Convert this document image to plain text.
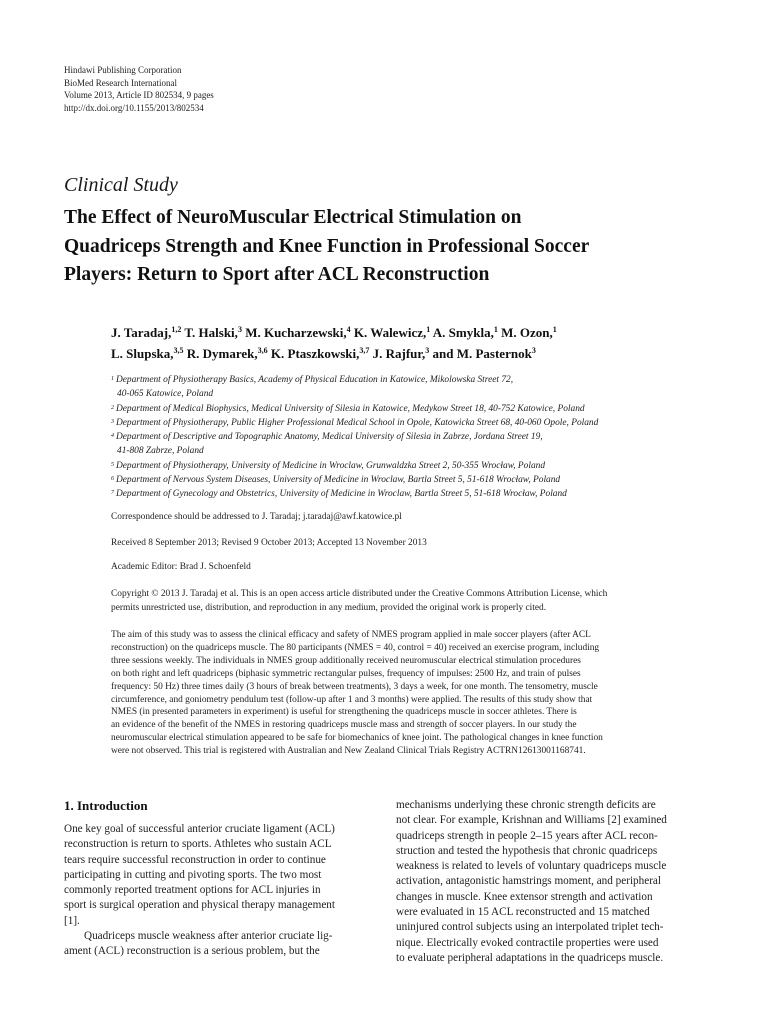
Hindawi Publishing Corporation
BioMed Research International
Volume 2013, Article ID 802534, 9 pages
http://dx.doi.org/10.1155/2013/802534
Clinical Study
The Effect of NeuroMuscular Electrical Stimulation on
Quadriceps Strength and Knee Function in Professional Soccer
Players: Return to Sport after ACL Reconstruction
J. Taradaj,$^{1,2}$ T. Halski,$^3$ M. Kucharzewski,$^4$ K. Walewicz,$^1$ A. Smykla,$^1$ M. Ozon,$^1$
L. Slupska,$^{3,5}$ R. Dymarek,$^{3,6}$ K. Ptaszkowski,$^{3,7}$ J. Rajfur,$^3$ and M. Pasternok$^3$
$^1$ Department of Physiotherapy Basics, Academy of Physical Education in Katowice, Mikolowska Street 72,
40-065 Katowice, Poland
$^2$ Department of Medical Biophysics, Medical University of Silesia in Katowice, Medykow Street 18, 40-752 Katowice, Poland
$^3$ Department of Physiotherapy, Public Higher Professional Medical School in Opole, Katowicka Street 68, 40-060 Opole, Poland
$^4$ Department of Descriptive and Topographic Anatomy, Medical University of Silesia in Zabrze, Jordana Street 19,
41-808 Zabrze, Poland
$^5$ Department of Physiotherapy, University of Medicine in Wroclaw, Grunwaldzka Street 2, 50-355 Wrocław, Poland
$^6$ Department of Nervous System Diseases, University of Medicine in Wroclaw, Bartla Street 5, 51-618 Wrocław, Poland
$^7$ Department of Gynecology and Obstetrics, University of Medicine in Wroclaw, Bartla Street 5, 51-618 Wrocław, Poland
Correspondence should be addressed to J. Taradaj; j.taradaj@awf.katowice.pl
Received 8 September 2013; Revised 9 October 2013; Accepted 13 November 2013
Academic Editor: Brad J. Schoenfeld
Copyright © 2013 J. Taradaj et al. This is an open access article distributed under the Creative Commons Attribution License, which
permits unrestricted use, distribution, and reproduction in any medium, provided the original work is properly cited.
The aim of this study was to assess the clinical efficacy and safety of NMES program applied in male soccer players (after ACL
reconstruction) on the quadriceps muscle. The 80 participants (NMES = 40, control = 40) received an exercise program, including
three sessions weekly. The individuals in NMES group additionally received neuromuscular electrical stimulation procedures
on both right and left quadriceps (biphasic symmetric rectangular pulses, frequency of impulses: 2500 Hz, and train of pulses
frequency: 50 Hz) three times daily (3 hours of break between treatments), 3 days a week, for one month. The tensometry, muscle
circumference, and goniometry pendulum test (follow-up after 1 and 3 months) were applied. The results of this study show that
NMES (in presented parameters in experiment) is useful for strengthening the quadriceps muscle in soccer athletes. There is
an evidence of the benefit of the NMES in restoring quadriceps muscle mass and strength of soccer players. In our study the
neuromuscular electrical stimulation appeared to be safe for biomechanics of knee joint. The pathological changes in knee function
were not observed. This trial is registered with Australian and New Zealand Clinical Trials Registry ACTRN12613001168741.
1. Introduction
One key goal of successful anterior cruciate ligament (ACL)
reconstruction is return to sports. Athletes who sustain ACL
tears require successful reconstruction in order to continue
participating in cutting and pivoting sports. The two most
commonly reported treatment options for ACL injuries in
sport is surgical operation and physical therapy management
[1].
Quadriceps muscle weakness after anterior cruciate lig-
ament (ACL) reconstruction is a serious problem, but the
mechanisms underlying these chronic strength deficits are
not clear. For example, Krishnan and Williams [2] examined
quadriceps strength in people 2–15 years after ACL recon-
struction and tested the hypothesis that chronic quadriceps
weakness is related to levels of voluntary quadriceps muscle
activation, antagonistic hamstrings moment, and peripheral
changes in muscle. Knee extensor strength and activation
were evaluated in 15 ACL reconstructed and 15 matched
uninjured control subjects using an interpolated triplet tech-
nique. Electrically evoked contractile properties were used
to evaluate peripheral adaptations in the quadriceps muscle.
